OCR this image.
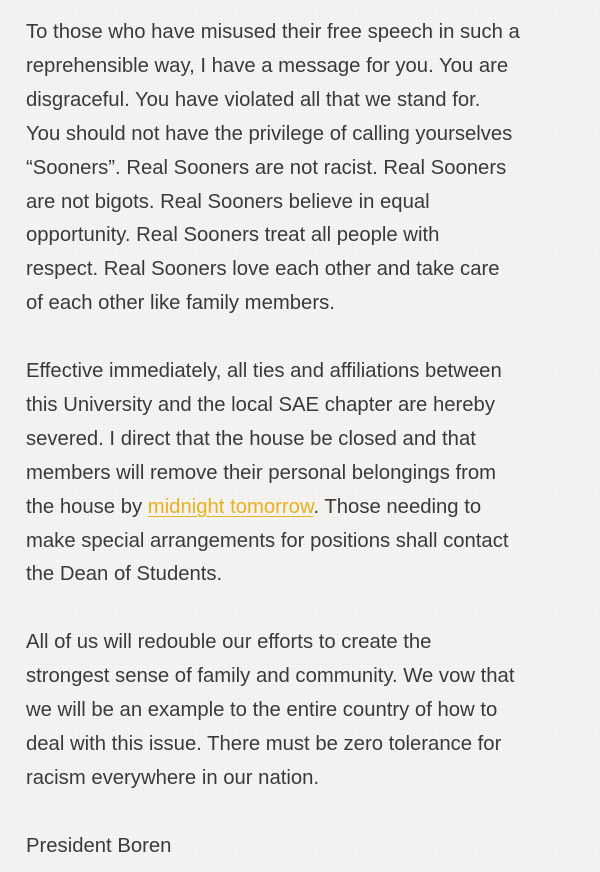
To those who have misused their free speech in such a
reprehensible way, I have a message for you. You are
disgraceful. You have violated all that we stand for.
You should not have the privilege of calling yourselves
“Sooners”. Real Sooners are not racist. Real Sooners
are not bigots. Real Sooners believe in equal
opportunity. Real Sooners treat all people with
respect. Real Sooners love each other and take care
of each other like family members.

Effective immediately, all ties and affiliations between
this University and the local SAE chapter are hereby
severed. I direct that the house be closed and that
members will remove their personal belongings from
the house by midnight tomorrow. Those needing to
make special arrangements for positions shall contact
the Dean of Students.

All of us will redouble our efforts to create the
strongest sense of family and community. We vow that
we will be an example to the entire country of how to
deal with this issue. There must be zero tolerance for
racism everywhere in our nation.

President Boren
